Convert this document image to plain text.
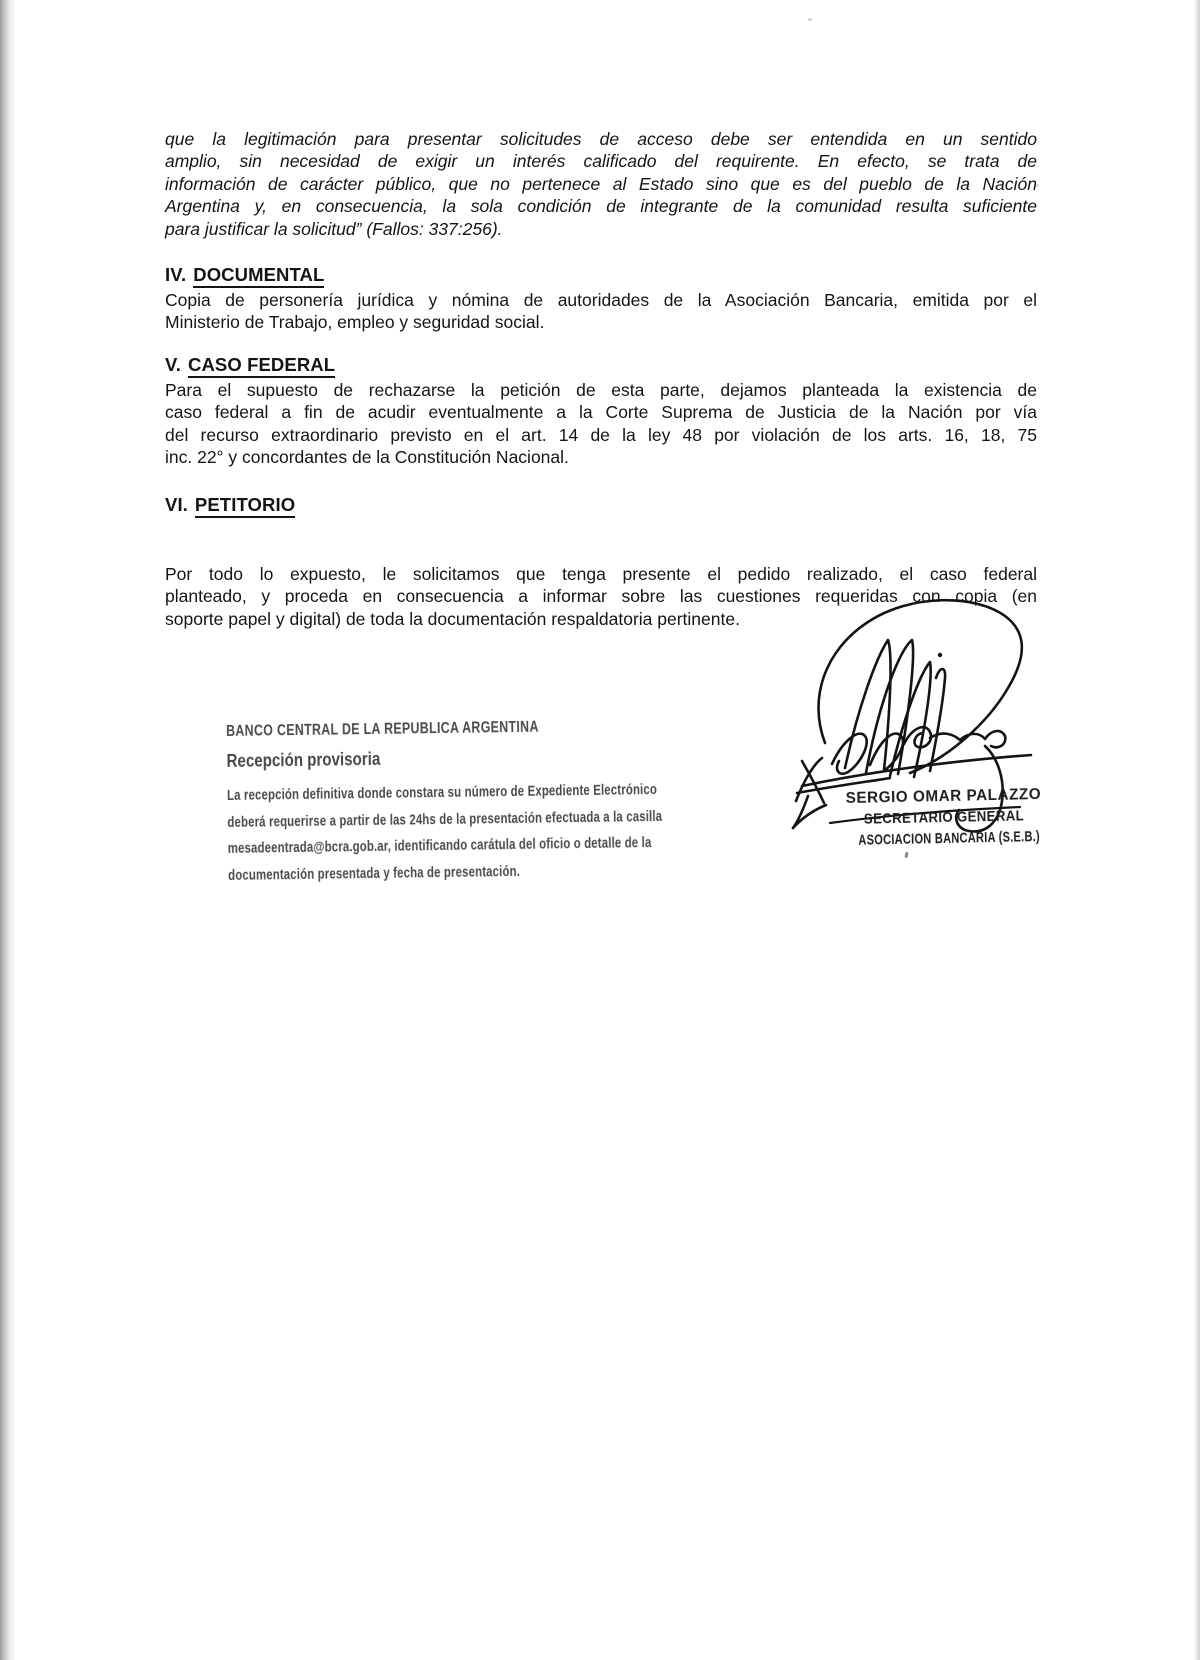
que la legitimación para presentar solicitudes de acceso debe ser entendida en un sentido
amplio, sin necesidad de exigir un interés calificado del requirente. En efecto, se trata de
información de carácter público, que no pertenece al Estado sino que es del pueblo de la Nación
Argentina y, en consecuencia, la sola condición de integrante de la comunidad resulta suficiente
para justificar la solicitud” (Fallos: 337:256).
IV. DOCUMENTAL
Copia de personería jurídica y nómina de autoridades de la Asociación Bancaria, emitida por el
Ministerio de Trabajo, empleo y seguridad social.
V. CASO FEDERAL
Para el supuesto de rechazarse la petición de esta parte, dejamos planteada la existencia de
caso federal a fin de acudir eventualmente a la Corte Suprema de Justicia de la Nación por vía
del recurso extraordinario previsto en el art. 14 de la ley 48 por violación de los arts. 16, 18, 75
inc. 22° y concordantes de la Constitución Nacional.
VI. PETITORIO
Por todo lo expuesto, le solicitamos que tenga presente el pedido realizado, el caso federal
planteado, y proceda en consecuencia a informar sobre las cuestiones requeridas con copia (en
soporte papel y digital) de toda la documentación respaldatoria pertinente.
BANCO CENTRAL DE LA REPUBLICA ARGENTINA
Recepción provisoria
La recepción definitiva donde constara su número de Expediente Electrónico
deberá requerirse a partir de las 24hs de la presentación efectuada a la casilla
mesadeentrada@bcra.gob.ar, identificando carátula del oficio o detalle de la
documentación presentada y fecha de presentación.
SERGIO OMAR PALAZZO
SECRETARIO GENERAL
ASOCIACION BANCARIA (S.E.B.)
